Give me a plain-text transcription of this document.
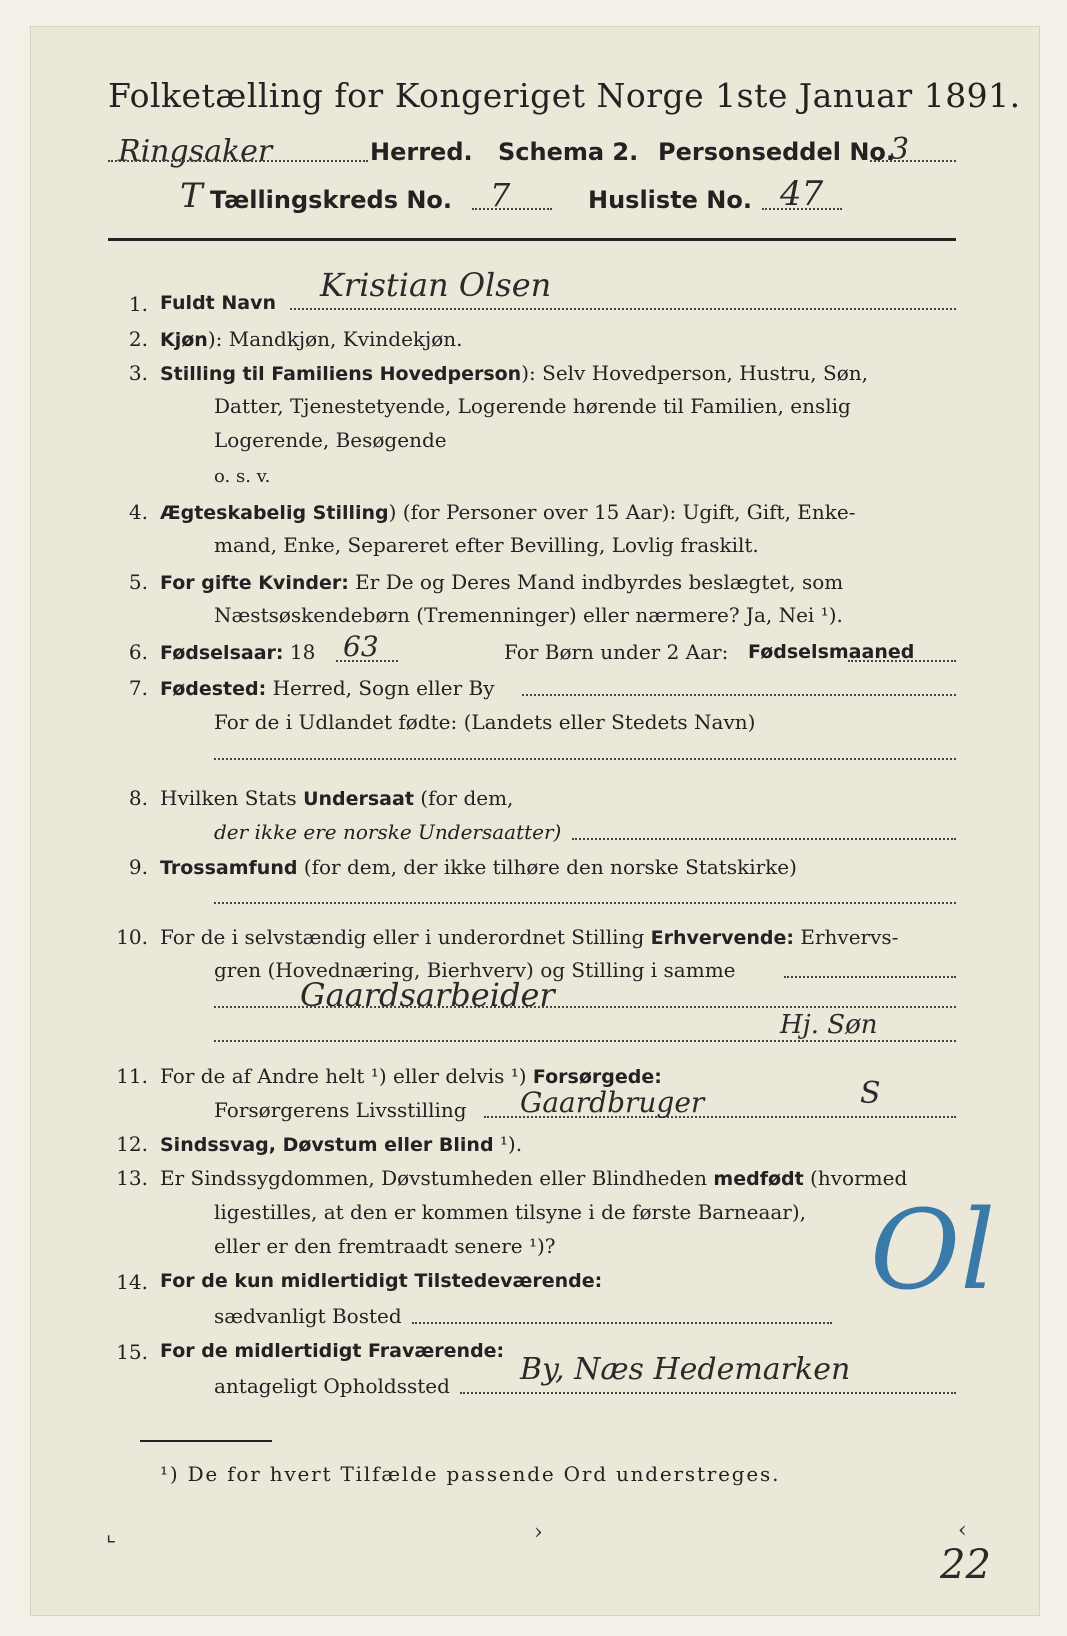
Folketælling for Kongeriget Norge 1ste Januar 1891.
Ringsaker	Herred. Schema 2. Personseddel No.
3
T Tællingskreds No. 7	Husliste No. 47
1. Fuldt Navn Kristian Olsen
2. Kjøn): Mandkjøn, Kvindekjøn.
3. Stilling til Familiens Hovedperson): Selv Hovedperson, Hustru, Søn,
Datter, Tjenestetyende, Logerende hørende til Familien, enslig
Logerende, Besøgende
o. s. v.
4. Ægteskabelig Stilling) (for Personer over 15 Aar): Ugift, Gift, Enke-
mand, Enke, Separeret efter Bevilling, Lovlig fraskilt.
5. For gifte Kvinder: Er De og Deres Mand indbyrdes beslægtet, som
Næstsøskendebørn (Tremenninger) eller nærmere? Ja, Nei ¹).
6. Fødselsaar: 18	For Børn under 2 Aar: Fødselsmaaned
63
7. Fødested: Herred, Sogn eller By
For de i Udlandet fødte: (Landets eller Stedets Navn)
8. Hvilken Stats Undersaat (for dem,
der ikke ere norske Undersaatter)
9. Trossamfund (for dem, der ikke tilhøre den norske Statskirke)
10. For de i selvstændig eller i underordnet Stilling Erhvervende: Erhvervs-
gren (Hovednæring, Bierhverv) og Stilling i samme
Gaardsarbeider
Hj. Søn
11. For de af Andre helt ¹) eller delvis ¹) Forsørgede:
Forsørgerens Livsstilling Gaardbruger	S
12. Sindssvag, Døvstum eller Blind ¹).
13. Er Sindssygdommen, Døvstumheden eller Blindheden medfødt (hvormed
ligestilles, at den er kommen tilsyne i de første Barneaar),
eller er den fremtraadt senere ¹)?
14. For de kun midlertidigt Tilstedeværende:
sædvanligt Bosted
15. For de midlertidigt Fraværende:
antageligt Opholdssted By, Næs Hedemarken
Ol
¹) De for hvert Tilfælde passende Ord understreges.
⌞	›	‹
22
